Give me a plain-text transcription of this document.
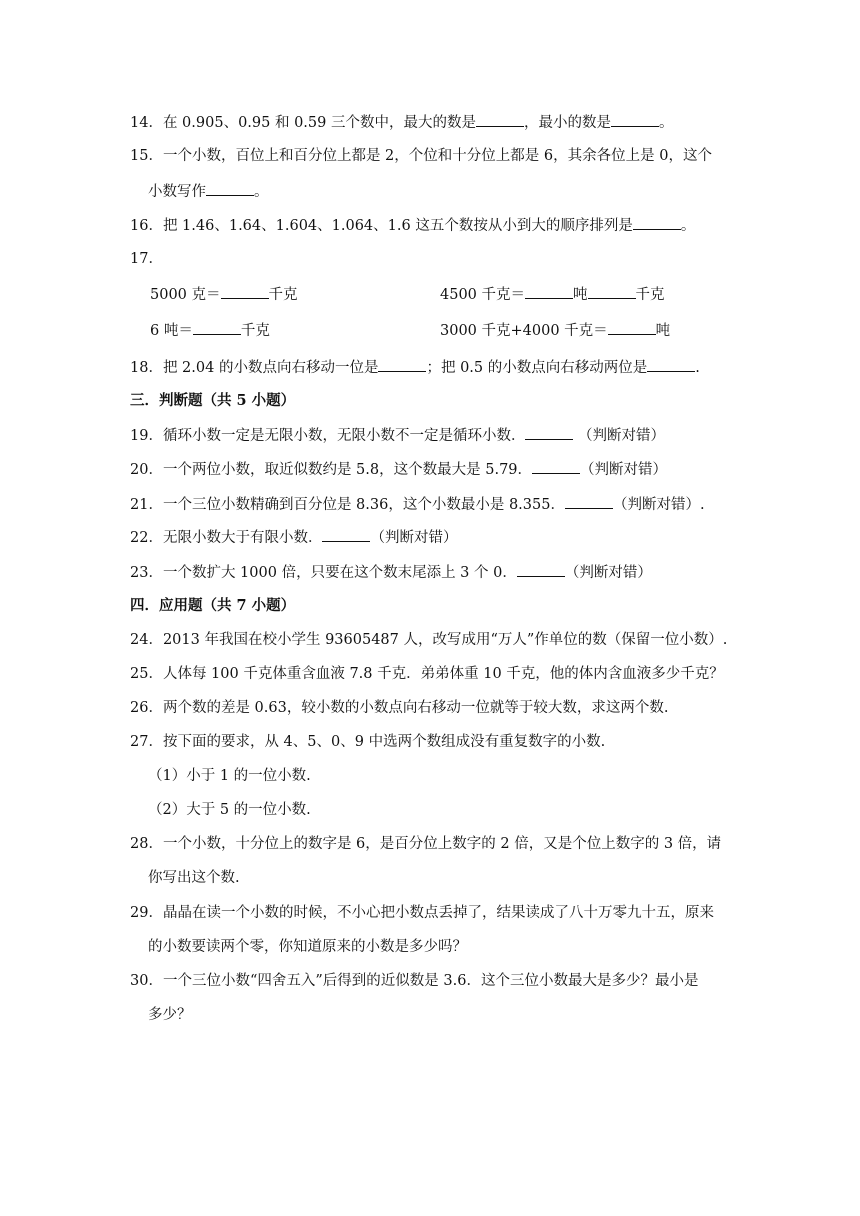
14．在 0.905、0.95 和 0.59 三个数中，最大的数是	，最小的数是	。
15．一个小数，百位上和百分位上都是 2，个位和十分位上都是 6，其余各位上是 0，这个
小数写作	。
16．把 1.46、1.64、1.604、1.064、1.6 这五个数按从小到大的顺序排列是	。
17．
5000 克＝	千克	4500 千克＝	吨	千克
6 吨＝	千克	3000 千克+4000 千克＝	吨
18．把 2.04 的小数点向右移动一位是	；把 0.5 的小数点向右移动两位是	.
三．判断题（共 5 小题）
19．循环小数一定是无限小数，无限小数不一定是循环小数．	（判断对错）
20．一个两位小数，取近似数约是 5.8，这个数最大是 5.79．	（判断对错）
21．一个三位小数精确到百分位是 8.36，这个小数最小是 8.355．	（判断对错）.
22．无限小数大于有限小数．	（判断对错）
23．一个数扩大 1000 倍，只要在这个数末尾添上 3 个 0．	（判断对错）
四．应用题（共 7 小题）
24．2013 年我国在校小学生 93605487 人，改写成用“万人”作单位的数（保留一位小数）.
25．人体每 100 千克体重含血液 7.8 千克．弟弟体重 10 千克，他的体内含血液多少千克？
26．两个数的差是 0.63，较小数的小数点向右移动一位就等于较大数，求这两个数.
27．按下面的要求，从 4、5、0、9 中选两个数组成没有重复数字的小数.
（1）小于 1 的一位小数.
（2）大于 5 的一位小数.
28．一个小数，十分位上的数字是 6，是百分位上数字的 2 倍，又是个位上数字的 3 倍，请
你写出这个数.
29．晶晶在读一个小数的时候，不小心把小数点丢掉了，结果读成了八十万零九十五，原来
的小数要读两个零，你知道原来的小数是多少吗？
30．一个三位小数“四舍五入”后得到的近似数是 3.6．这个三位小数最大是多少？最小是
多少？
